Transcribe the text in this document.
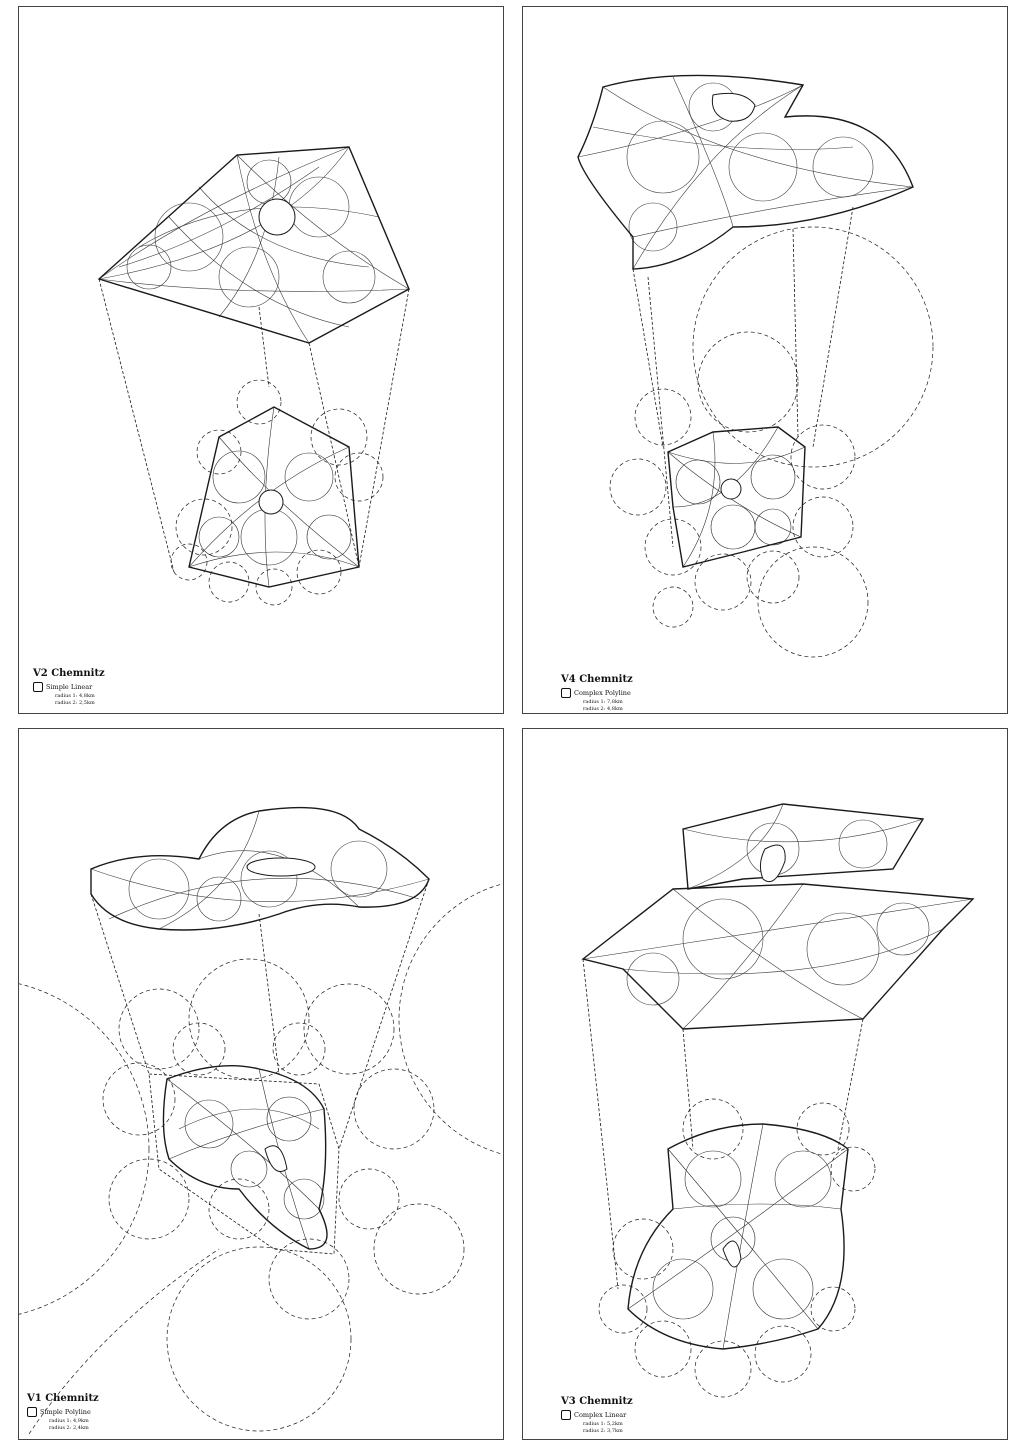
V2 Chemnitz
Simple Linear
radius 1: 4,8km
radius 2: 2,5km
V4 Chemnitz
Complex Polyline
radius 1: 7,8km
radius 2: 4,8km
V1 Chemnitz
Simple Polyline
radius 1: 4,9km
radius 2: 2,4km
V3 Chemnitz
Complex Linear
radius 1: 5,2km
radius 2: 3,7km
